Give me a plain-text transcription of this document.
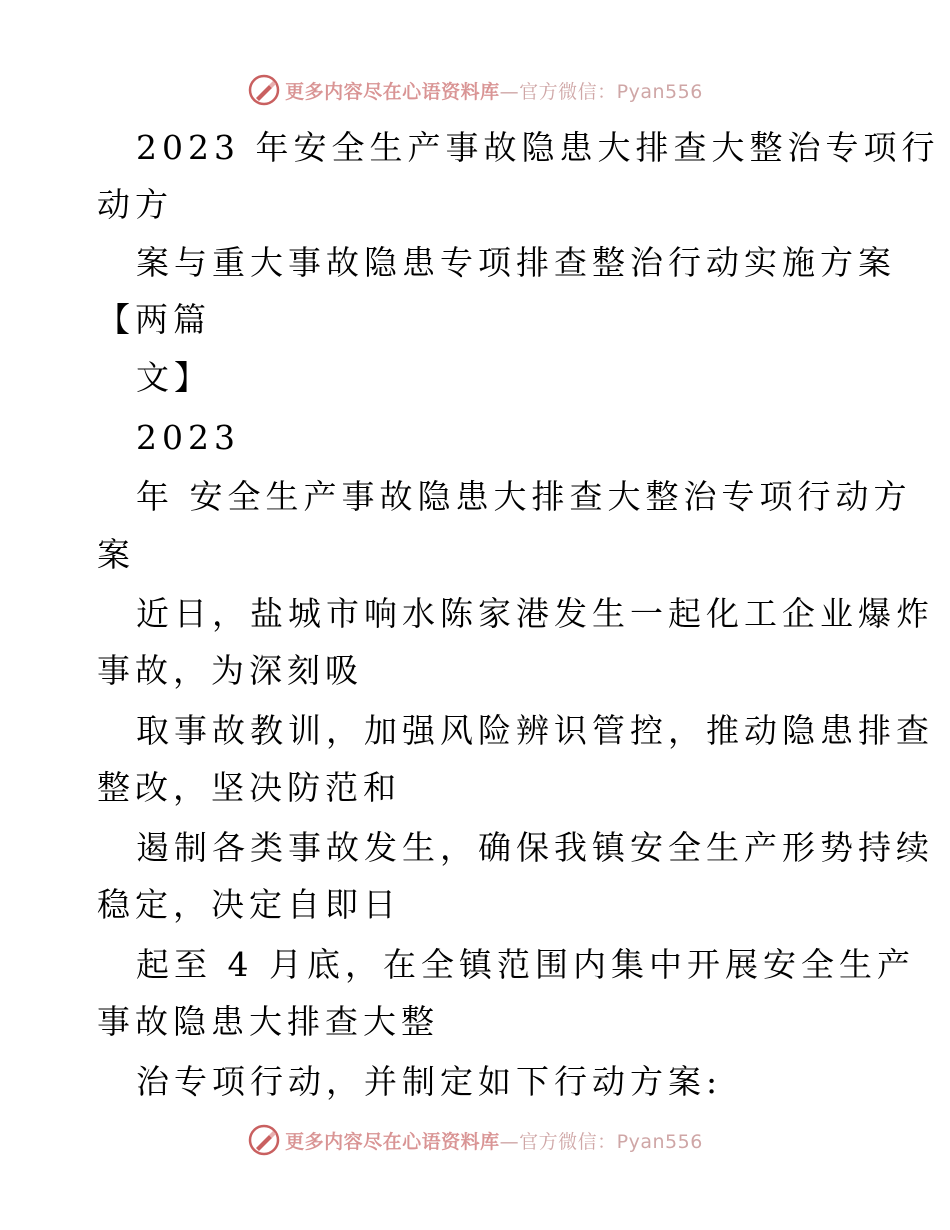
更多内容尽在心语资料库—官方微信：Pyan556
2023 年安全生产事故隐患大排查大整治专项行
动方
案与重大事故隐患专项排查整治行动实施方案
【两篇
文】
2023
年 安全生产事故隐患大排查大整治专项行动方
案
近日，盐城市响水陈家港发生一起化工企业爆炸
事故，为深刻吸
取事故教训，加强风险辨识管控，推动隐患排查
整改，坚决防范和
遏制各类事故发生，确保我镇安全生产形势持续
稳定，决定自即日
起至 4 月底，在全镇范围内集中开展安全生产
事故隐患大排查大整
治专项行动，并制定如下行动方案:
更多内容尽在心语资料库—官方微信：Pyan556
